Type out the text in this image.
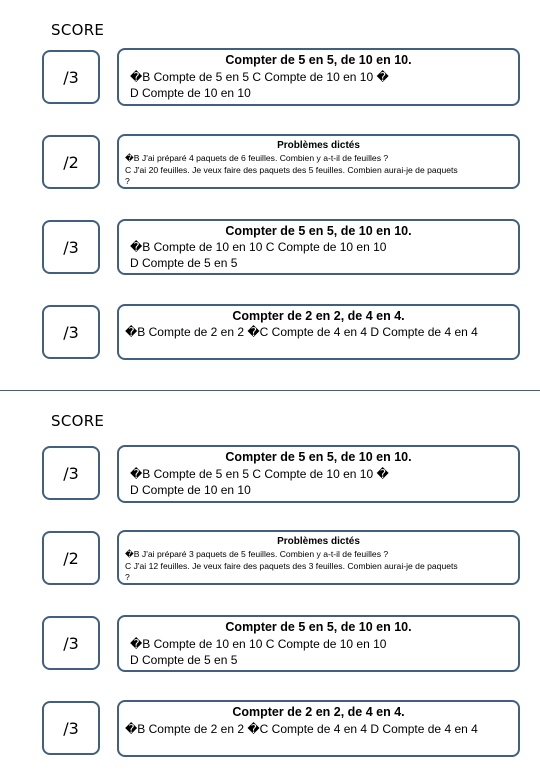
SCORE
/3
Compter de 5 en 5, de 10 en 10.
�B Compte de 5 en 5 C Compte de 10 en 10 �
D Compte de 10 en 10
/2
Problèmes dictés
�B J'ai préparé 4 paquets de 6 feuilles. Combien y a-t-il de feuilles ?
C J'ai 20 feuilles. Je veux faire des paquets des 5 feuilles. Combien aurai-je de paquets
?
/3
Compter de 5 en 5, de 10 en 10.
�B Compte de 10 en 10 C Compte de 10 en 10
D Compte de 5 en 5
/3
Compter de 2 en 2, de 4 en 4.
�B Compte de 2 en 2 �C Compte de 4 en 4 D Compte de 4 en 4
SCORE
/3
Compter de 5 en 5, de 10 en 10.
�B Compte de 5 en 5 C Compte de 10 en 10 �
D Compte de 10 en 10
/2
Problèmes dictés
�B J'ai préparé 3 paquets de 5 feuilles. Combien y a-t-il de feuilles ?
C J'ai 12 feuilles. Je veux faire des paquets des 3 feuilles. Combien aurai-je de paquets
?
/3
Compter de 5 en 5, de 10 en 10.
�B Compte de 10 en 10 C Compte de 10 en 10
D Compte de 5 en 5
/3
Compter de 2 en 2, de 4 en 4.
�B Compte de 2 en 2 �C Compte de 4 en 4 D Compte de 4 en 4
